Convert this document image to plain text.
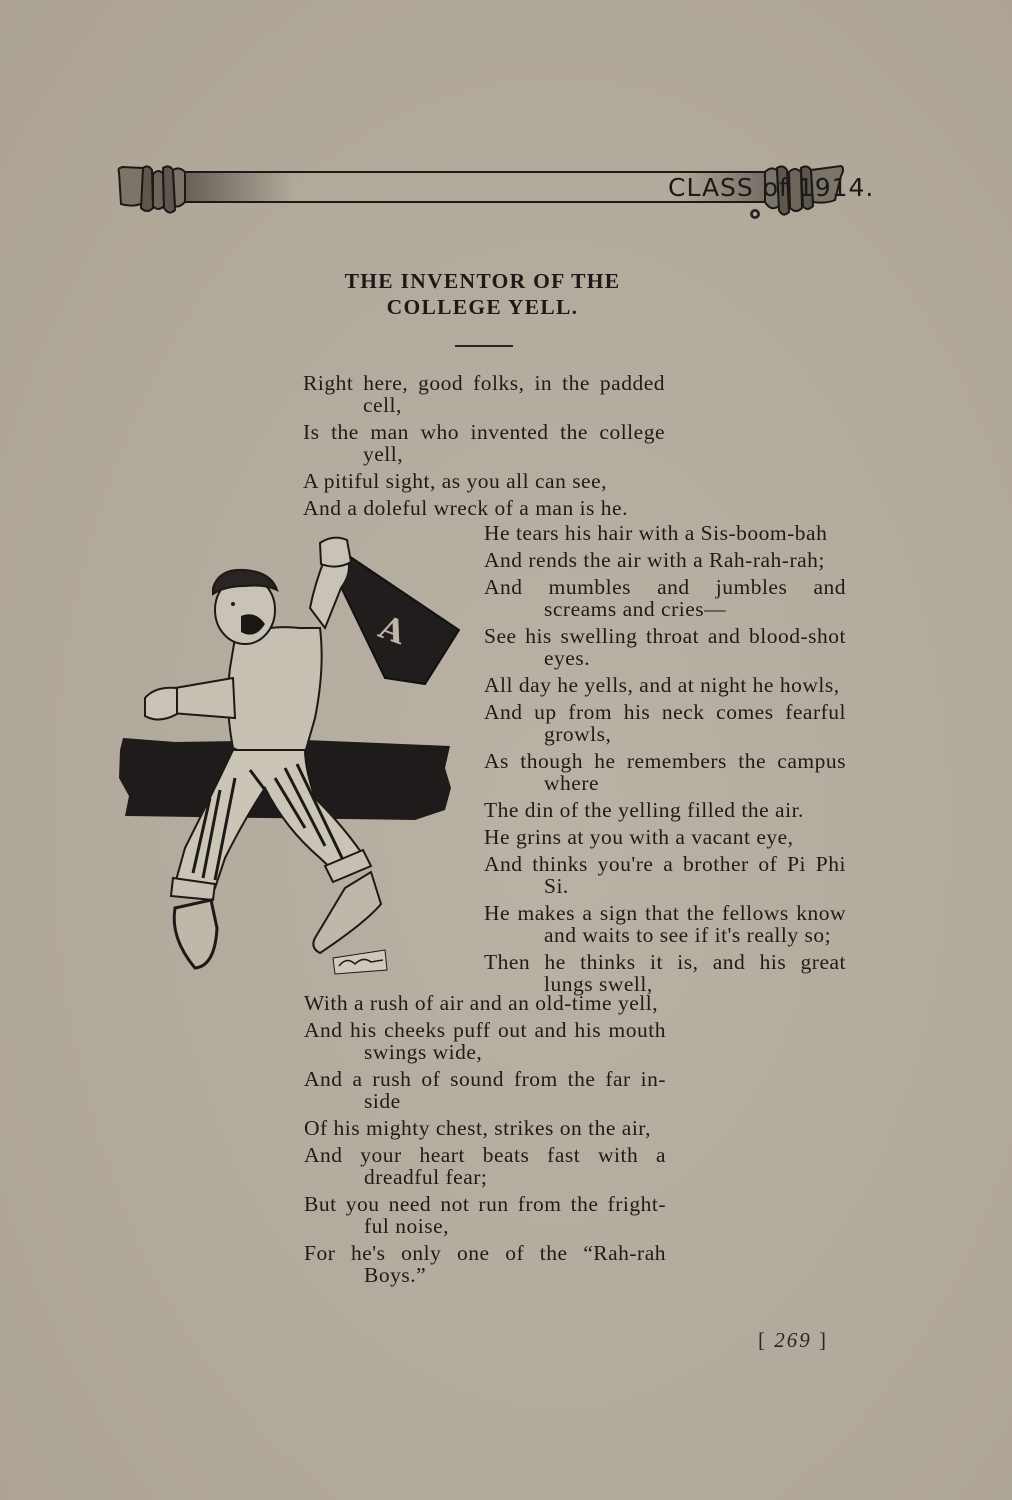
CLASS of 1914.
THE INVENTOR OF THE
COLLEGE YELL.
Right here, good folks, in the padded
cell,
Is the man who invented the college
yell,
A pitiful sight, as you all can see,
And a doleful wreck of a man is he.
A
He tears his hair with a Sis-boom-bah
And rends the air with a Rah-rah-rah;
And mumbles and jumbles and
screams and cries—
See his swelling throat and blood-shot
eyes.
All day he yells, and at night he howls,
And up from his neck comes fearful
growls,
As though he remembers the campus
where
The din of the yelling filled the air.
He grins at you with a vacant eye,
And thinks you're a brother of Pi Phi
Si.
He makes a sign that the fellows know
and waits to see if it's really so;
Then he thinks it is, and his great
lungs swell,
With a rush of air and an old-time yell,
And his cheeks puff out and his mouth
swings wide,
And a rush of sound from the far in-
side
Of his mighty chest, strikes on the air,
And your heart beats fast with a
dreadful fear;
But you need not run from the fright-
ful noise,
For he's only one of the “Rah-rah
Boys.”
[ 269 ]
